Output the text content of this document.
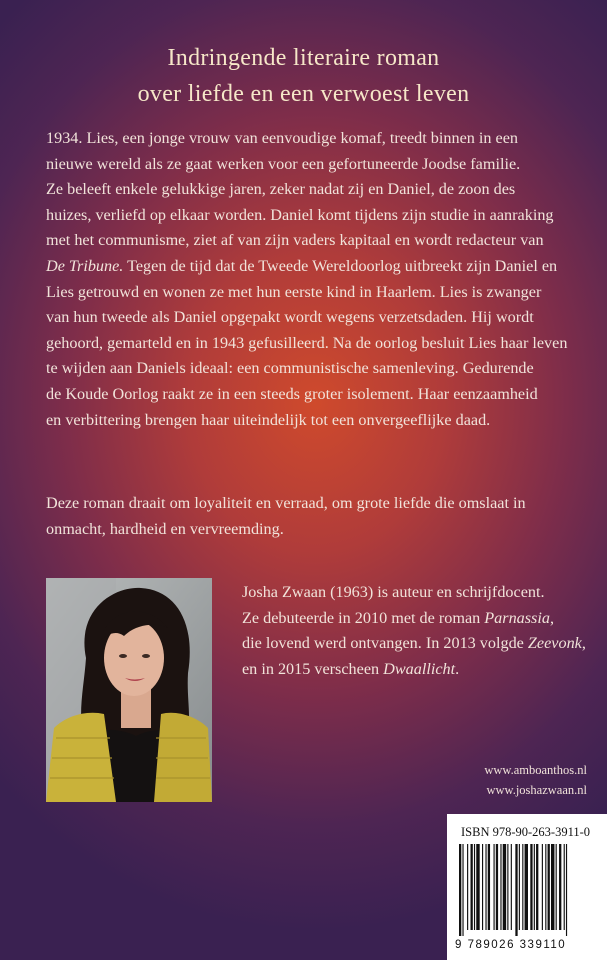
Indringende literaire roman
over liefde en een verwoest leven
1934. Lies, een jonge vrouw van eenvoudige komaf, treedt binnen in een
nieuwe wereld als ze gaat werken voor een gefortuneerde Joodse familie.
Ze beleeft enkele gelukkige jaren, zeker nadat zij en Daniel, de zoon des
huizes, verliefd op elkaar worden. Daniel komt tijdens zijn studie in aanraking
met het communisme, ziet af van zijn vaders kapitaal en wordt redacteur van
De Tribune. Tegen de tijd dat de Tweede Wereldoorlog uitbreekt zijn Daniel en
Lies getrouwd en wonen ze met hun eerste kind in Haarlem. Lies is zwanger
van hun tweede als Daniel opgepakt wordt wegens verzetsdaden. Hij wordt
gehoord, gemarteld en in 1943 gefusilleerd. Na de oorlog besluit Lies haar leven
te wijden aan Daniels ideaal: een communistische samenleving. Gedurende
de Koude Oorlog raakt ze in een steeds groter isolement. Haar eenzaamheid
en verbittering brengen haar uiteindelijk tot een onvergeeflijke daad.
Deze roman draait om loyaliteit en verraad, om grote liefde die omslaat in
onmacht, hardheid en vervreemding.
Josha Zwaan (1963) is auteur en schrijfdocent.
Ze debuteerde in 2010 met de roman Parnassia,
die lovend werd ontvangen. In 2013 volgde Zeevonk,
en in 2015 verscheen Dwaallicht.
www.amboanthos.nl
www.joshazwaan.nl
ISBN 978-90-263-3911-0
9 789026 339110
